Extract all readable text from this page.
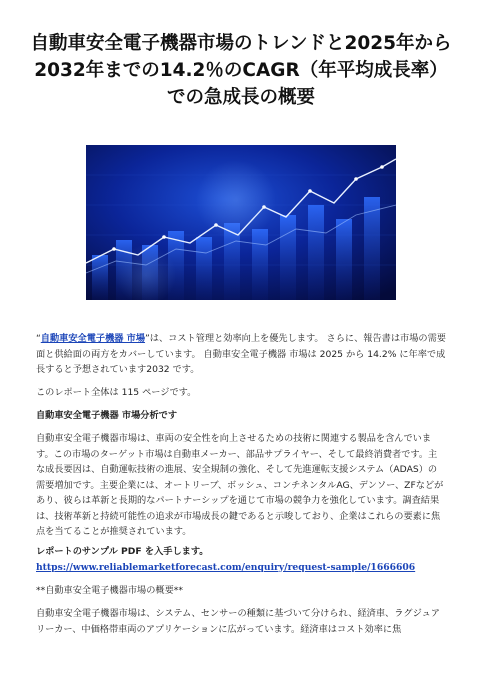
自動車安全電子機器市場のトレンドと2025年から2032年までの14.2％のCAGR（年平均成長率）での急成長の概要

“自動車安全電子機器 市場”は、コスト管理と効率向上を優先します。 さらに、報告書は市場の需要面と供給面の両方をカバーしています。 自動車安全電子機器 市場は 2025 から 14.2% に年率で成長すると予想されています2032 です。

このレポート全体は 115 ページです。

自動車安全電子機器 市場分析です

自動車安全電子機器市場は、車両の安全性を向上させるための技術に関連する製品を含んでいます。この市場のターゲット市場は自動車メーカー、部品サプライヤー、そして最終消費者です。主な成長要因は、自動運転技術の進展、安全規制の強化、そして先進運転支援システム（ADAS）の需要増加です。主要企業には、オートリーブ、ボッシュ、コンチネンタルAG、デンソー、ZFなどがあり、彼らは革新と長期的なパートナーシップを通じて市場の競争力を強化しています。調査結果は、技術革新と持続可能性の追求が市場成長の鍵であると示唆しており、企業はこれらの要素に焦点を当てることが推奨されています。

レポートのサンプル PDF を入手します。 https://www.reliablemarketforecast.com/enquiry/request-sample/1666606

**自動車安全電子機器市場の概要**

自動車安全電子機器市場は、システム、センサーの種類に基づいて分けられ、経済車、ラグジュアリーカー、中価格帯車両のアプリケーションに広がっています。経済車はコスト効率に焦
